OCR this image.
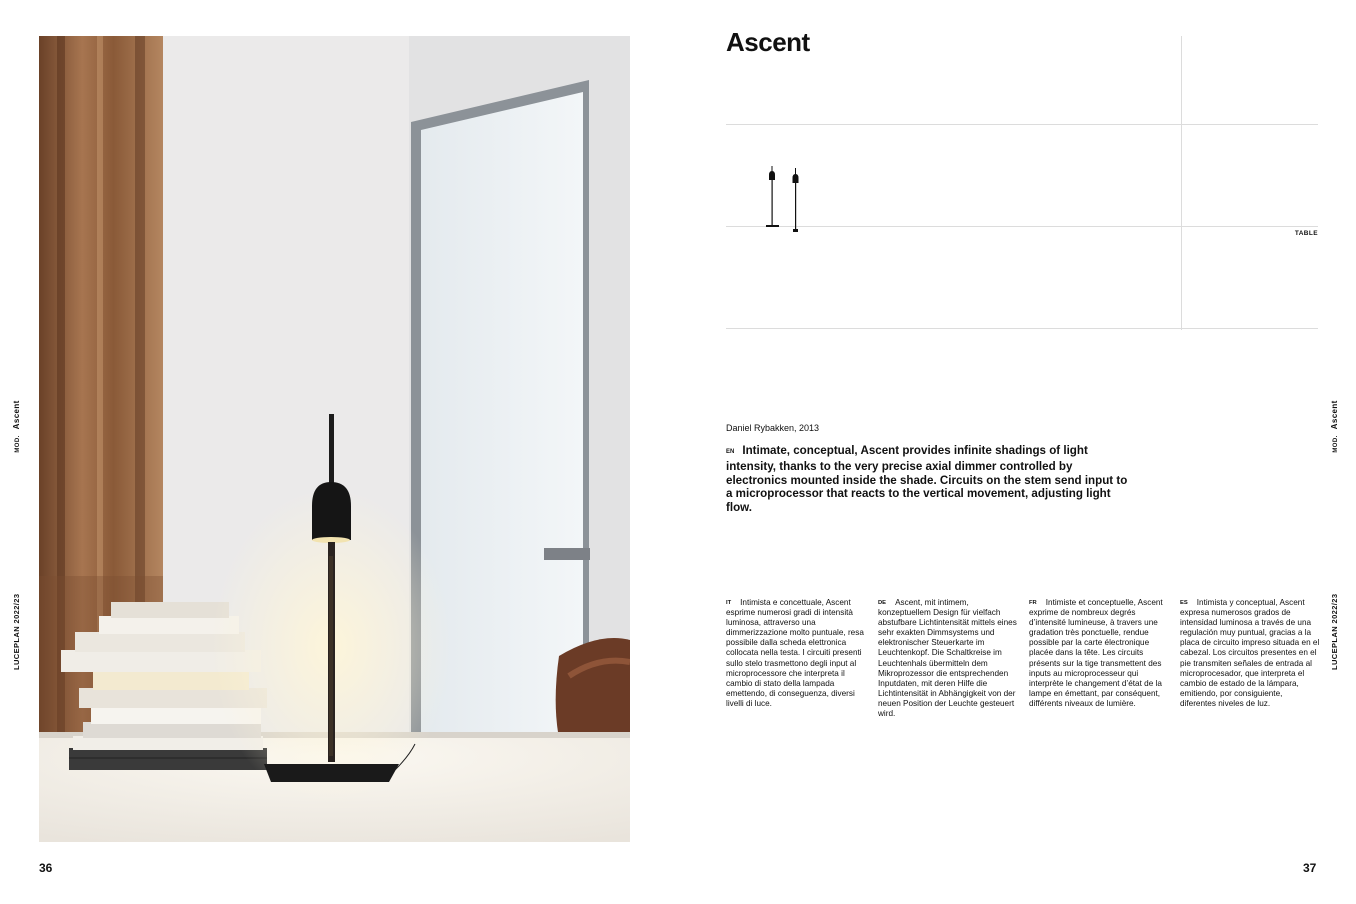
LUCEPLAN 2022/23  MOD.Ascent
36
Ascent
TABLE
Daniel Rybakken, 2013
EN Intimate, conceptual, Ascent provides infinite shadings of light intensity, thanks to the very precise axial dimmer controlled by electronics mounted inside the shade. Circuits on the stem send input to a microprocessor that reacts to the vertical movement, adjusting light flow.
IT Intimista e concettuale, Ascent esprime numerosi gradi di intensità luminosa, attraverso una dimmerizzazione molto puntuale, resa possibile dalla scheda elettronica collocata nella testa. I circuiti presenti sullo stelo trasmettono degli input al microprocessore che interpreta il cambio di stato della lampada emettendo, di conseguenza, diversi livelli di luce.
DE Ascent, mit intimem, konzeptuellem Design für vielfach abstufbare Lichtintensität mittels eines sehr exakten Dimmsystems und elektronischer Steuerkarte im Leuchtenkopf. Die Schaltkreise im Leuchtenhals übermitteln dem Mikroprozessor die entsprechenden Inputdaten, mit deren Hilfe die Lichtintensität in Abhängigkeit von der neuen Position der Leuchte gesteuert wird.
FR Intimiste et conceptuelle, Ascent exprime de nombreux degrés d’intensité lumineuse, à travers une gradation très ponctuelle, rendue possible par la carte électronique placée dans la tête. Les circuits présents sur la tige transmettent des inputs au microprocesseur qui interprète le changement d’état de la lampe en émettant, par conséquent, différents niveaux de lumière.
ES Intimista y conceptual, Ascent expresa numerosos grados de intensidad luminosa a través de una regulación muy puntual, gracias a la placa de circuito impreso situada en el cabezal. Los circuitos presentes en el pie transmiten señales de entrada al microprocesador, que interpreta el cambio de estado de la lámpara, emitiendo, por consiguiente, diferentes niveles de luz.
LUCEPLAN 2022/23  MOD.Ascent
37
